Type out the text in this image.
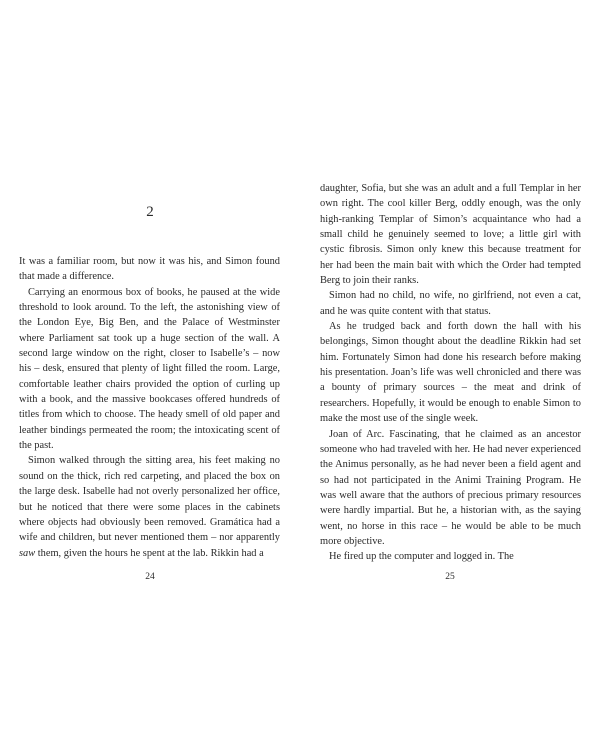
2

It was a familiar room, but now it was his, and Simon found that made a difference.

Carrying an enormous box of books, he paused at the wide threshold to look around. To the left, the astonishing view of the London Eye, Big Ben, and the Palace of Westminster where Parliament sat took up a huge section of the wall. A second large window on the right, closer to Isabelle’s – now his – desk, ensured that plenty of light filled the room. Large, comfortable leather chairs provided the option of curling up with a book, and the massive bookcases offered hundreds of titles from which to choose. The heady smell of old paper and leather bindings permeated the room; the intoxicating scent of the past.

Simon walked through the sitting area, his feet making no sound on the thick, rich red carpeting, and placed the box on the large desk. Isabelle had not overly personalized her office, but he noticed that there were some places in the cabinets where objects had obviously been removed. Gramática had a wife and children, but never mentioned them – nor apparently saw them, given the hours he spent at the lab. Rikkin had a

24

daughter, Sofia, but she was an adult and a full Templar in her own right. The cool killer Berg, oddly enough, was the only high-ranking Templar of Simon’s acquaintance who had a small child he genuinely seemed to love; a little girl with cystic fibrosis. Simon only knew this because treatment for her had been the main bait with which the Order had tempted Berg to join their ranks.

Simon had no child, no wife, no girlfriend, not even a cat, and he was quite content with that status.

As he trudged back and forth down the hall with his belongings, Simon thought about the deadline Rikkin had set him. Fortunately Simon had done his research before making his presentation. Joan’s life was well chronicled and there was a bounty of primary sources – the meat and drink of researchers. Hopefully, it would be enough to enable Simon to make the most use of the single week.

Joan of Arc. Fascinating, that he claimed as an ancestor someone who had traveled with her. He had never experienced the Animus personally, as he had never been a field agent and so had not participated in the Animi Training Program. He was well aware that the authors of precious primary resources were hardly impartial. But he, a historian with, as the saying went, no horse in this race – he would be able to be much more objective.

He fired up the computer and logged in. The

25
